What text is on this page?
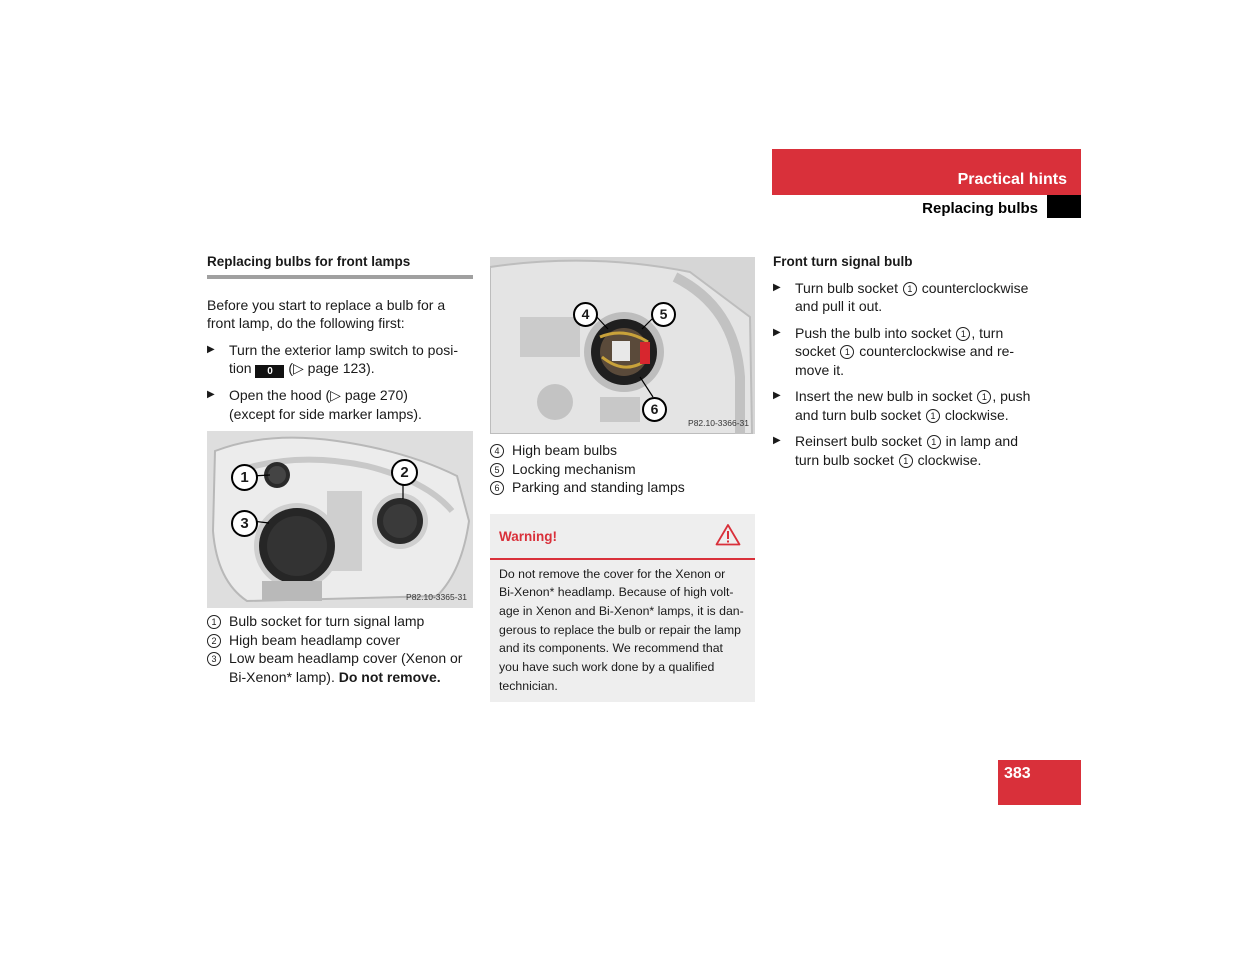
Practical hints
Replacing bulbs
Replacing bulbs for front lamps

Before you start to replace a bulb for a front lamp, do the following first:

▶ Turn the exterior lamp switch to posi-
tion 0 (▷ page 123).
▶ Open the hood (▷ page 270)
(except for side marker lamps).
1	2
3
P82.10-3365-31
1 Bulb socket for turn signal lamp
2 High beam headlamp cover
3 Low beam headlamp cover (Xenon or
Bi-Xenon* lamp). Do not remove.
4	5
6
P82.10-3366-31
4 High beam bulbs
5 Locking mechanism
6 Parking and standing lamps
Warning!
Do not remove the cover for the Xenon or
Bi-Xenon* headlamp. Because of high volt-
age in Xenon and Bi-Xenon* lamps, it is dan-
gerous to replace the bulb or repair the lamp
and its components. We recommend that
you have such work done by a qualified
technician.
Front turn signal bulb
▶ Turn bulb socket 1 counterclockwise
and pull it out.
▶ Push the bulb into socket 1 , turn
socket 1 counterclockwise and re-
move it.
▶ Insert the new bulb in socket 1 , push
and turn bulb socket 1 clockwise.
▶ Reinsert bulb socket 1 in lamp and
turn bulb socket 1 clockwise.
383
